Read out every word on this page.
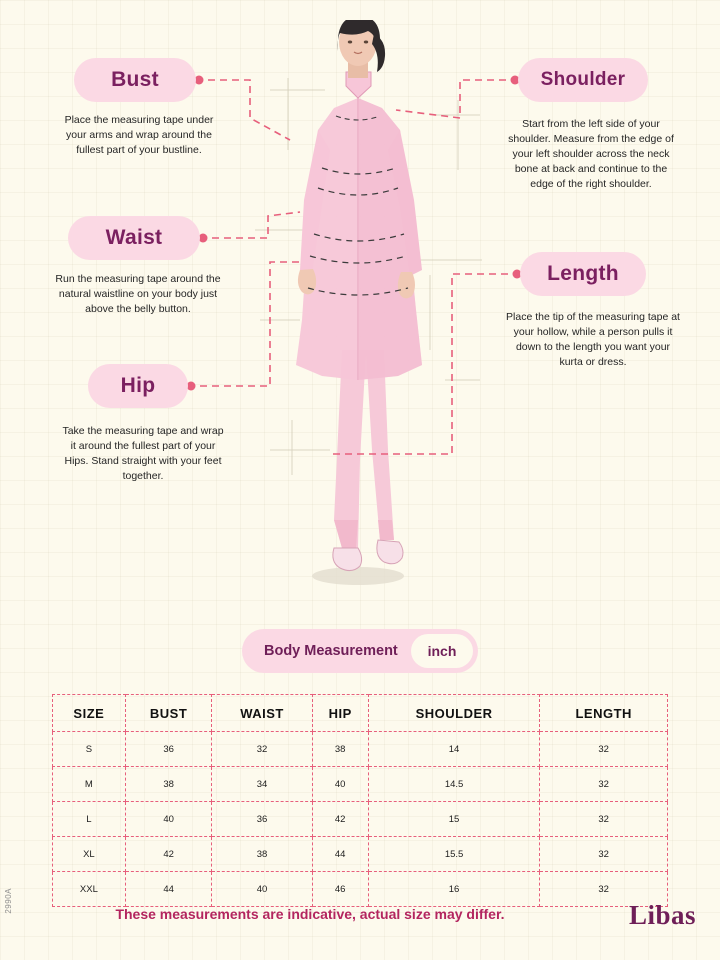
Bust
Place the measuring tape under your arms and wrap around the fullest part of your bustline.
Waist
Run the measuring tape around the natural waistline on your body just above the belly button.
Hip
Take the measuring tape and wrap it around the fullest part of your Hips. Stand straight with your feet together.
Shoulder
Start from the left side of your shoulder. Measure from the edge of your left shoulder across the neck bone at back and continue to the edge of the right shoulder.
Length
Place the tip of the measuring tape at your hollow, while a person pulls it down to the length you want your kurta or dress.
Body Measurement	inch
SIZE	BUST	WAIST	HIP	SHOULDER	LENGTH
S	36	32	38	14	32
M	38	34	40	14.5	32
L	40	36	42	15	32
XL	42	38	44	15.5	32
XXL	44	40	46	16	32
These measurements are indicative, actual size may differ.	Libas
2990A
